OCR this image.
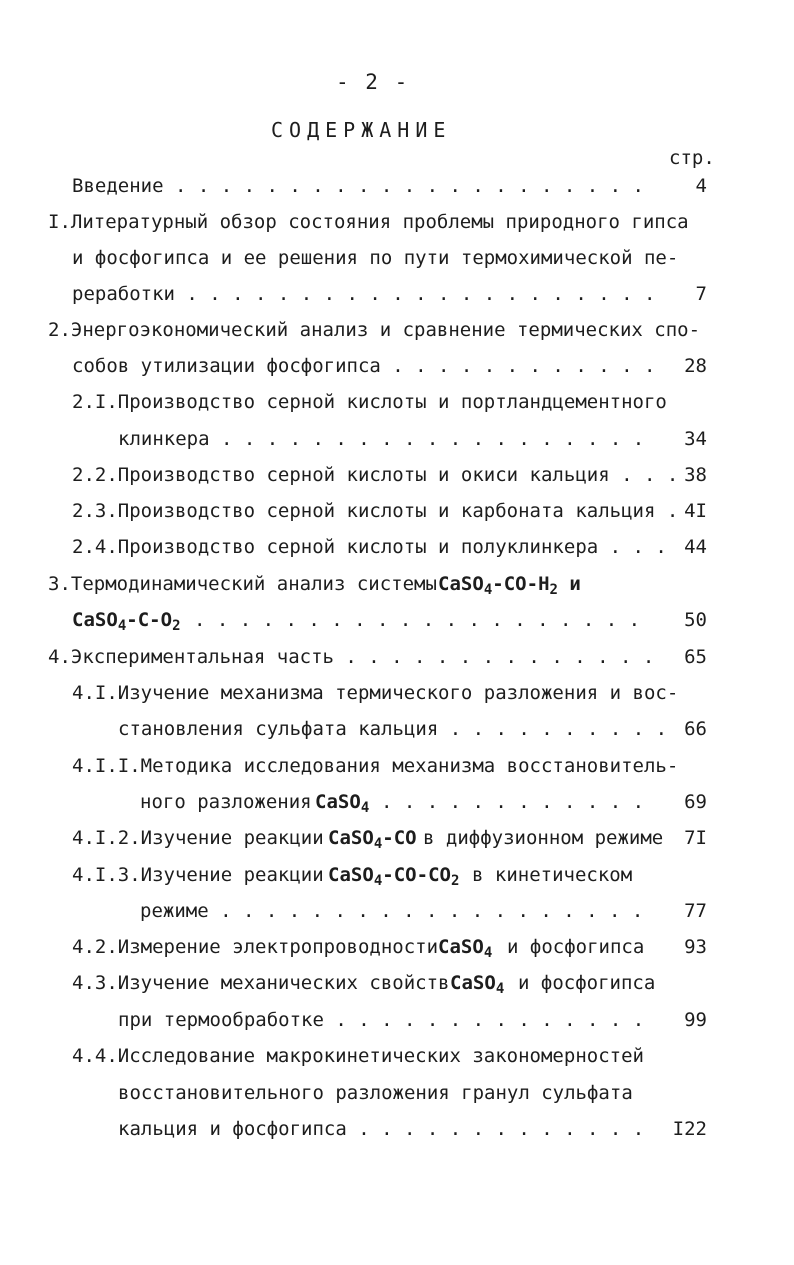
- 2 -
СОДЕРЖАНИЕ
стр.
Введение . . . . . . . . . . . . . . . . . . . . .	4
I.Литературный обзор состояния проблемы природного гипса
и фосфогипса и ее решения по пути термохимической пе-
реработки . . . . . . . . . . . . . . . . . . . . .	7
2.Энергоэкономический анализ и сравнение термических спо-
собов утилизации фосфогипса . . . . . . . . . . . .	28
2.I.Производство серной кислоты и портландцементного
клинкера . . . . . . . . . . . . . . . . . . .	34
2.2.Производство серной кислоты и окиси кальция . . . 38
2.3.Производство серной кислоты и карбоната кальция . 4I
2.4.Производство серной кислоты и полуклинкера . . . 44
3.Термодинамический анализ системы $CaSO_4-CO-H_2$ и
$CaSO_4-C-O_2$ . . . . . . . . . . . . . . . . . . . .	50
4.Экспериментальная часть . . . . . . . . . . . . . .	65
4.I.Изучение механизма термического разложения и вос-
становления сульфата кальция . . . . . . . . . . 66
4.I.I.Методика исследования механизма восстановитель-
ного разложения CaSO$_4$ . . . . . . . . . . . .	69
4.I.2.Изучение реакции CaSO$_4$-CO в диффузионном режиме	7I
4.I.3.Изучение реакции $CaSO_4-CO-CO_2$ в кинетическом
режиме . . . . . . . . . . . . . . . . . . .	77
4.2.Измерение электропроводности CaSO$_4$ и фосфогипса	93
4.3.Изучение механических свойств CaSO$_4$ и фосфогипса
при термообработке . . . . . . . . . . . . . .	99
4.4.Исследование макрокинетических закономерностей
восстановительного разложения гранул сульфата
кальция и фосфогипса . . . . . . . . . . . . .	I22
